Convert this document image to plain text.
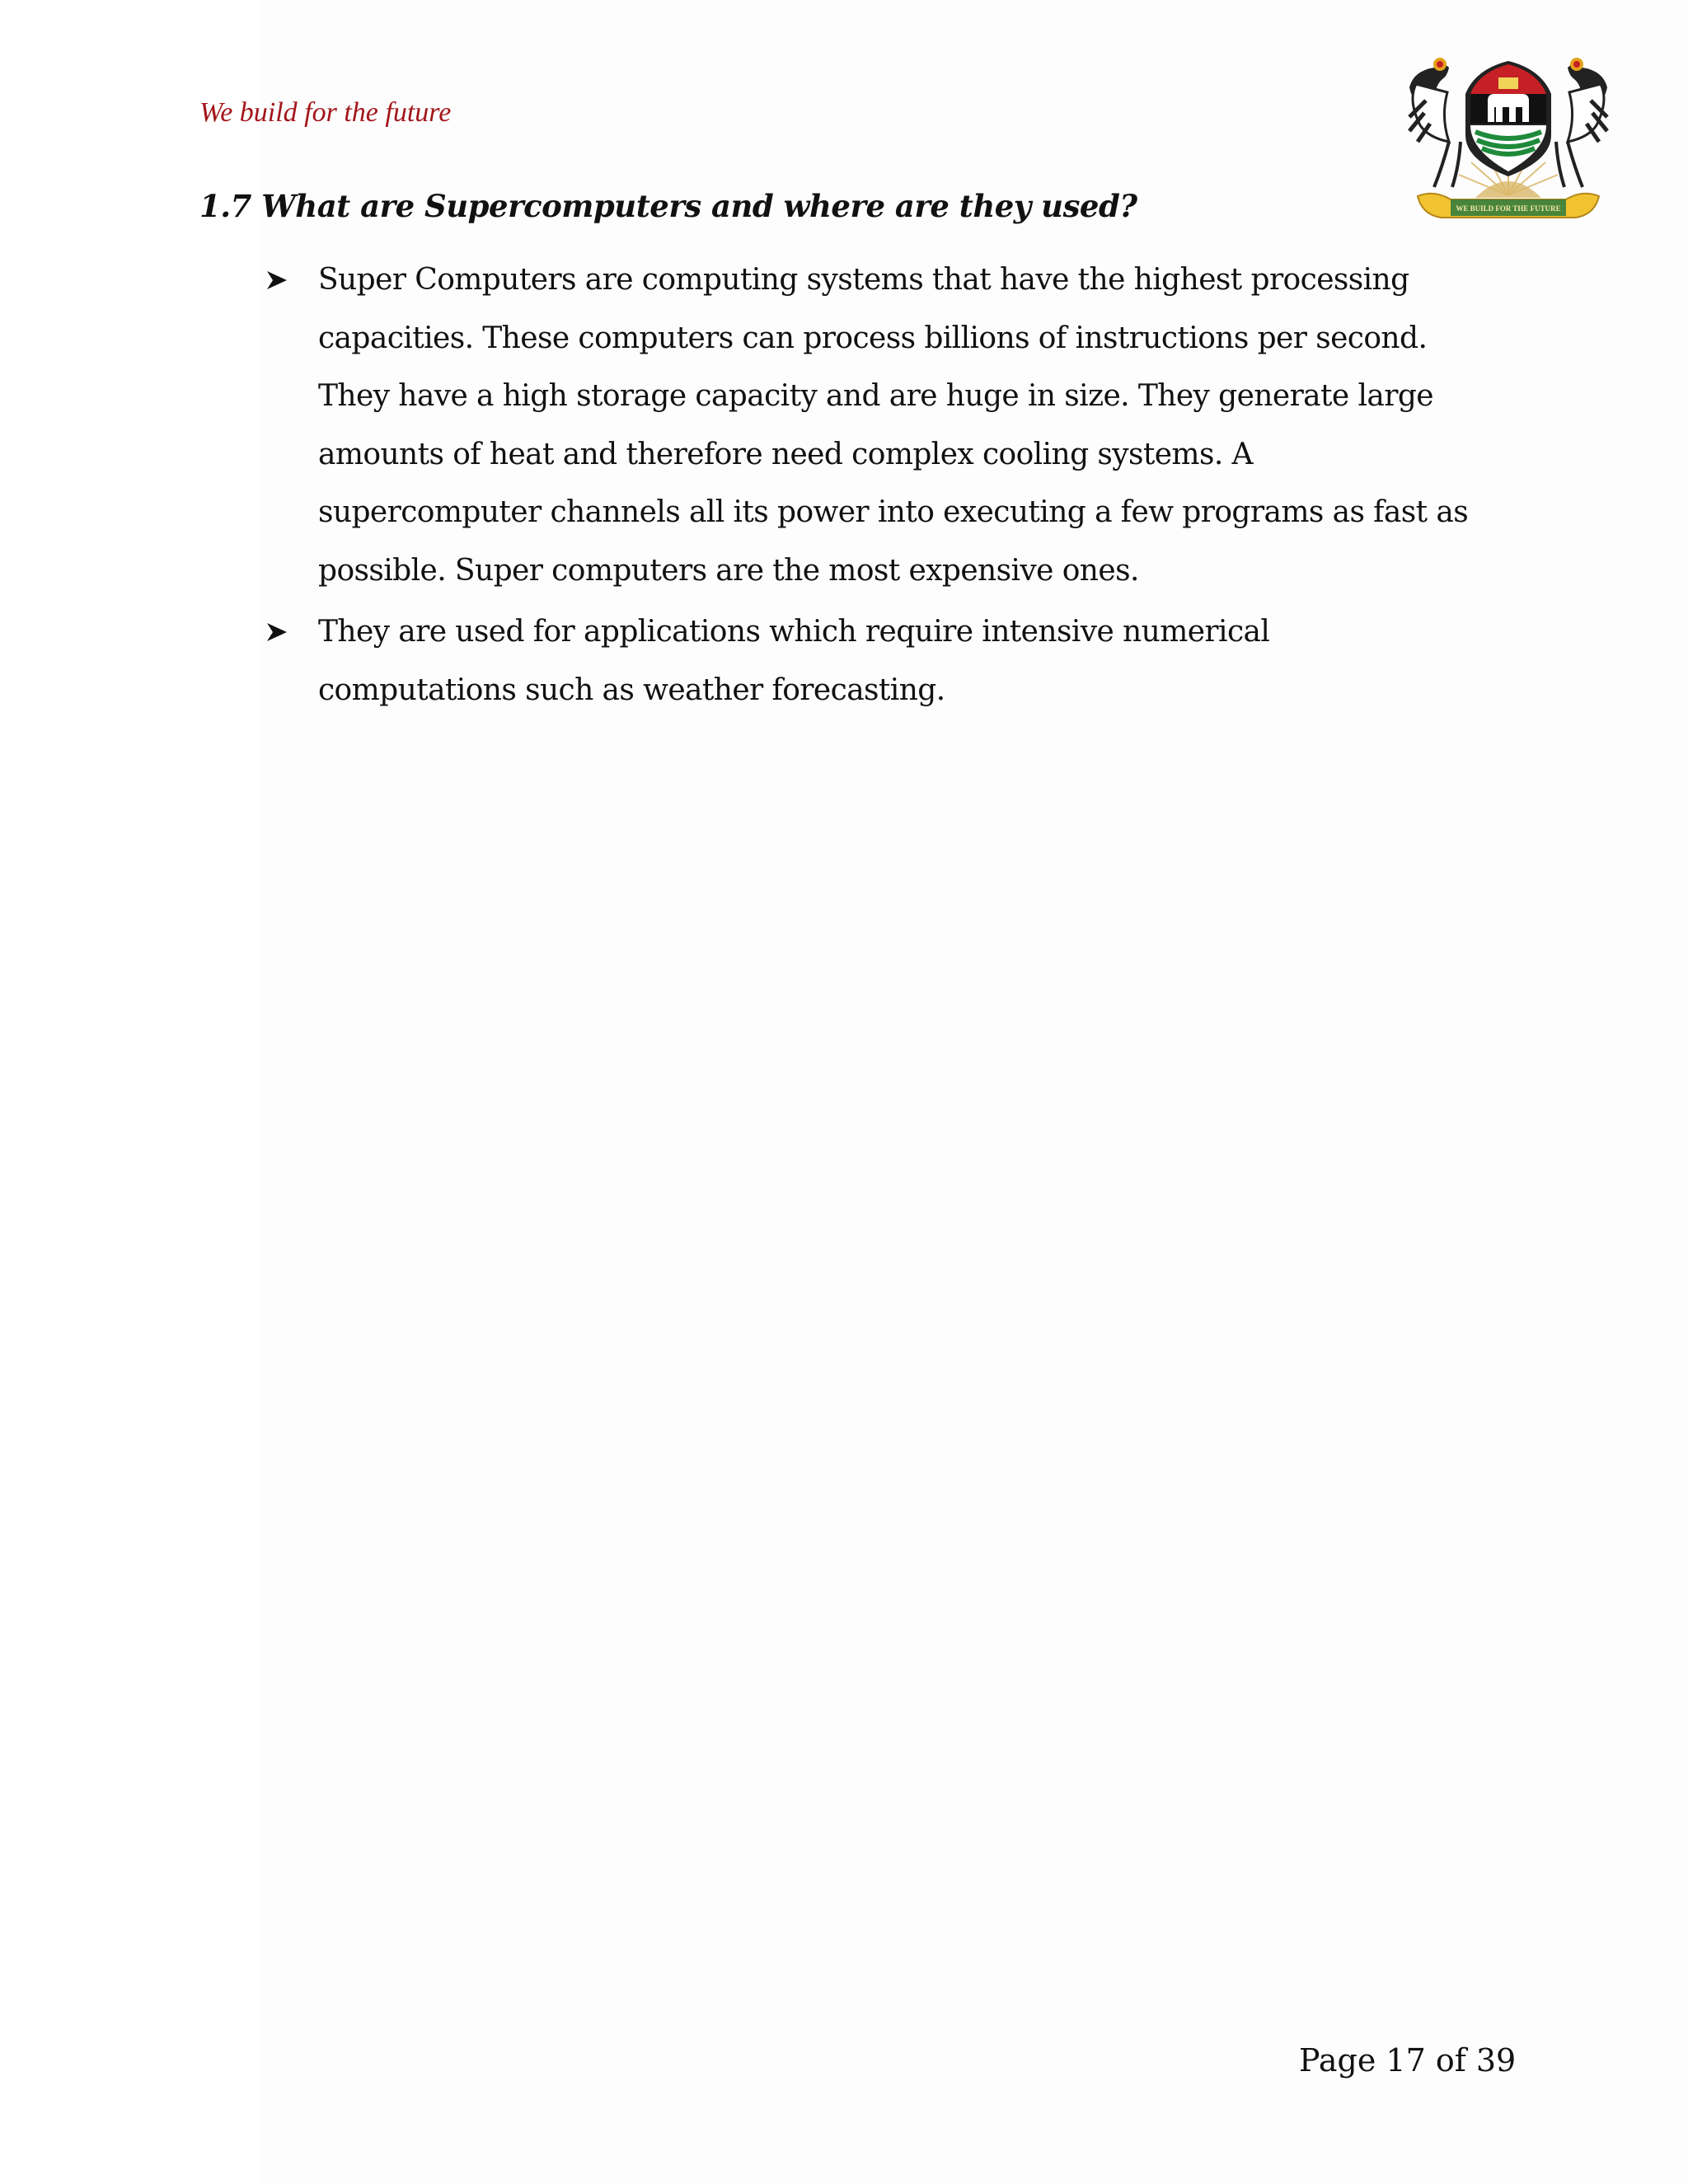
We build for the future
WE BUILD FOR THE FUTURE
1.7 What are Supercomputers and where are they used?
Super Computers are computing systems that have the highest processing capacities. These computers can process billions of instructions per second. They have a high storage capacity and are huge in size. They generate large amounts of heat and therefore need complex cooling systems. A supercomputer channels all its power into executing a few programs as fast as possible. Super computers are the most expensive ones.
They are used for applications which require intensive numerical computations such as weather forecasting.
Page 17 of 39
